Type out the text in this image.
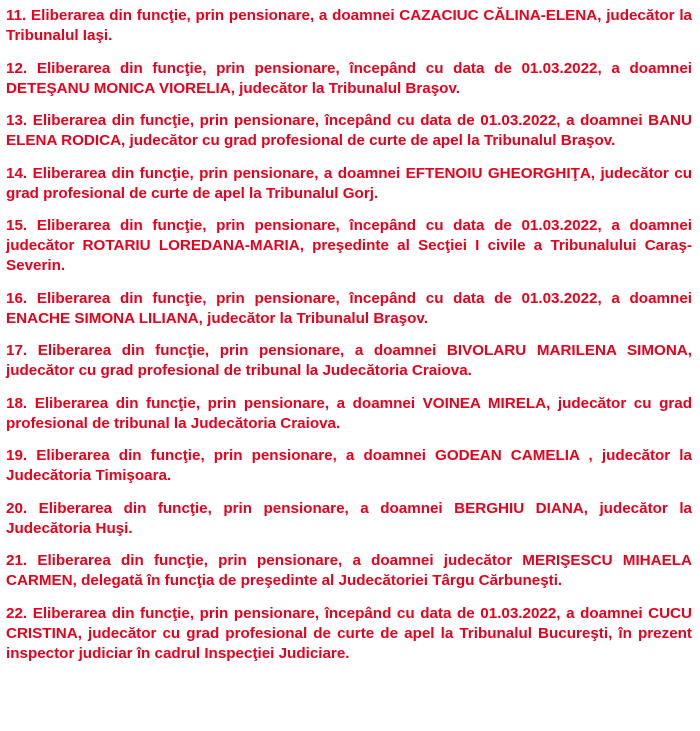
11. Eliberarea din funcţie, prin pensionare, a doamnei CAZACIUC CĂLINA-ELENA, judecător la Tribunalul Iaşi.

12. Eliberarea din funcţie, prin pensionare, începând cu data de 01.03.2022, a doamnei DETEŞANU MONICA VIORELIA, judecător la Tribunalul Braşov.

13. Eliberarea din funcţie, prin pensionare, începând cu data de 01.03.2022, a doamnei BANU ELENA RODICA, judecător cu grad profesional de curte de apel la Tribunalul Braşov.

14. Eliberarea din funcţie, prin pensionare, a doamnei EFTENOIU GHEORGHIŢA, judecător cu grad profesional de curte de apel la Tribunalul Gorj.

15. Eliberarea din funcţie, prin pensionare, începând cu data de 01.03.2022, a doamnei judecător ROTARIU LOREDANA-MARIA, preşedinte al Secţiei I civile a Tribunalului Caraş-Severin.

16. Eliberarea din funcţie, prin pensionare, începând cu data de 01.03.2022, a doamnei ENACHE SIMONA LILIANA, judecător la Tribunalul Braşov.

17. Eliberarea din funcţie, prin pensionare, a doamnei BIVOLARU MARILENA SIMONA, judecător cu grad profesional de tribunal la Judecătoria Craiova.

18. Eliberarea din funcţie, prin pensionare, a doamnei VOINEA MIRELA, judecător cu grad profesional de tribunal la Judecătoria Craiova.

19. Eliberarea din funcţie, prin pensionare, a doamnei GODEAN CAMELIA , judecător la Judecătoria Timişoara.

20. Eliberarea din funcţie, prin pensionare, a doamnei BERGHIU DIANA, judecător la Judecătoria Huşi.

21. Eliberarea din funcţie, prin pensionare, a doamnei judecător MERIŞESCU MIHAELA CARMEN, delegată în funcţia de preşedinte al Judecătoriei Târgu Cărbuneşti.

22. Eliberarea din funcţie, prin pensionare, începând cu data de 01.03.2022, a doamnei CUCU CRISTINA, judecător cu grad profesional de curte de apel la Tribunalul Bucureşti, în prezent inspector judiciar în cadrul Inspecţiei Judiciare.
